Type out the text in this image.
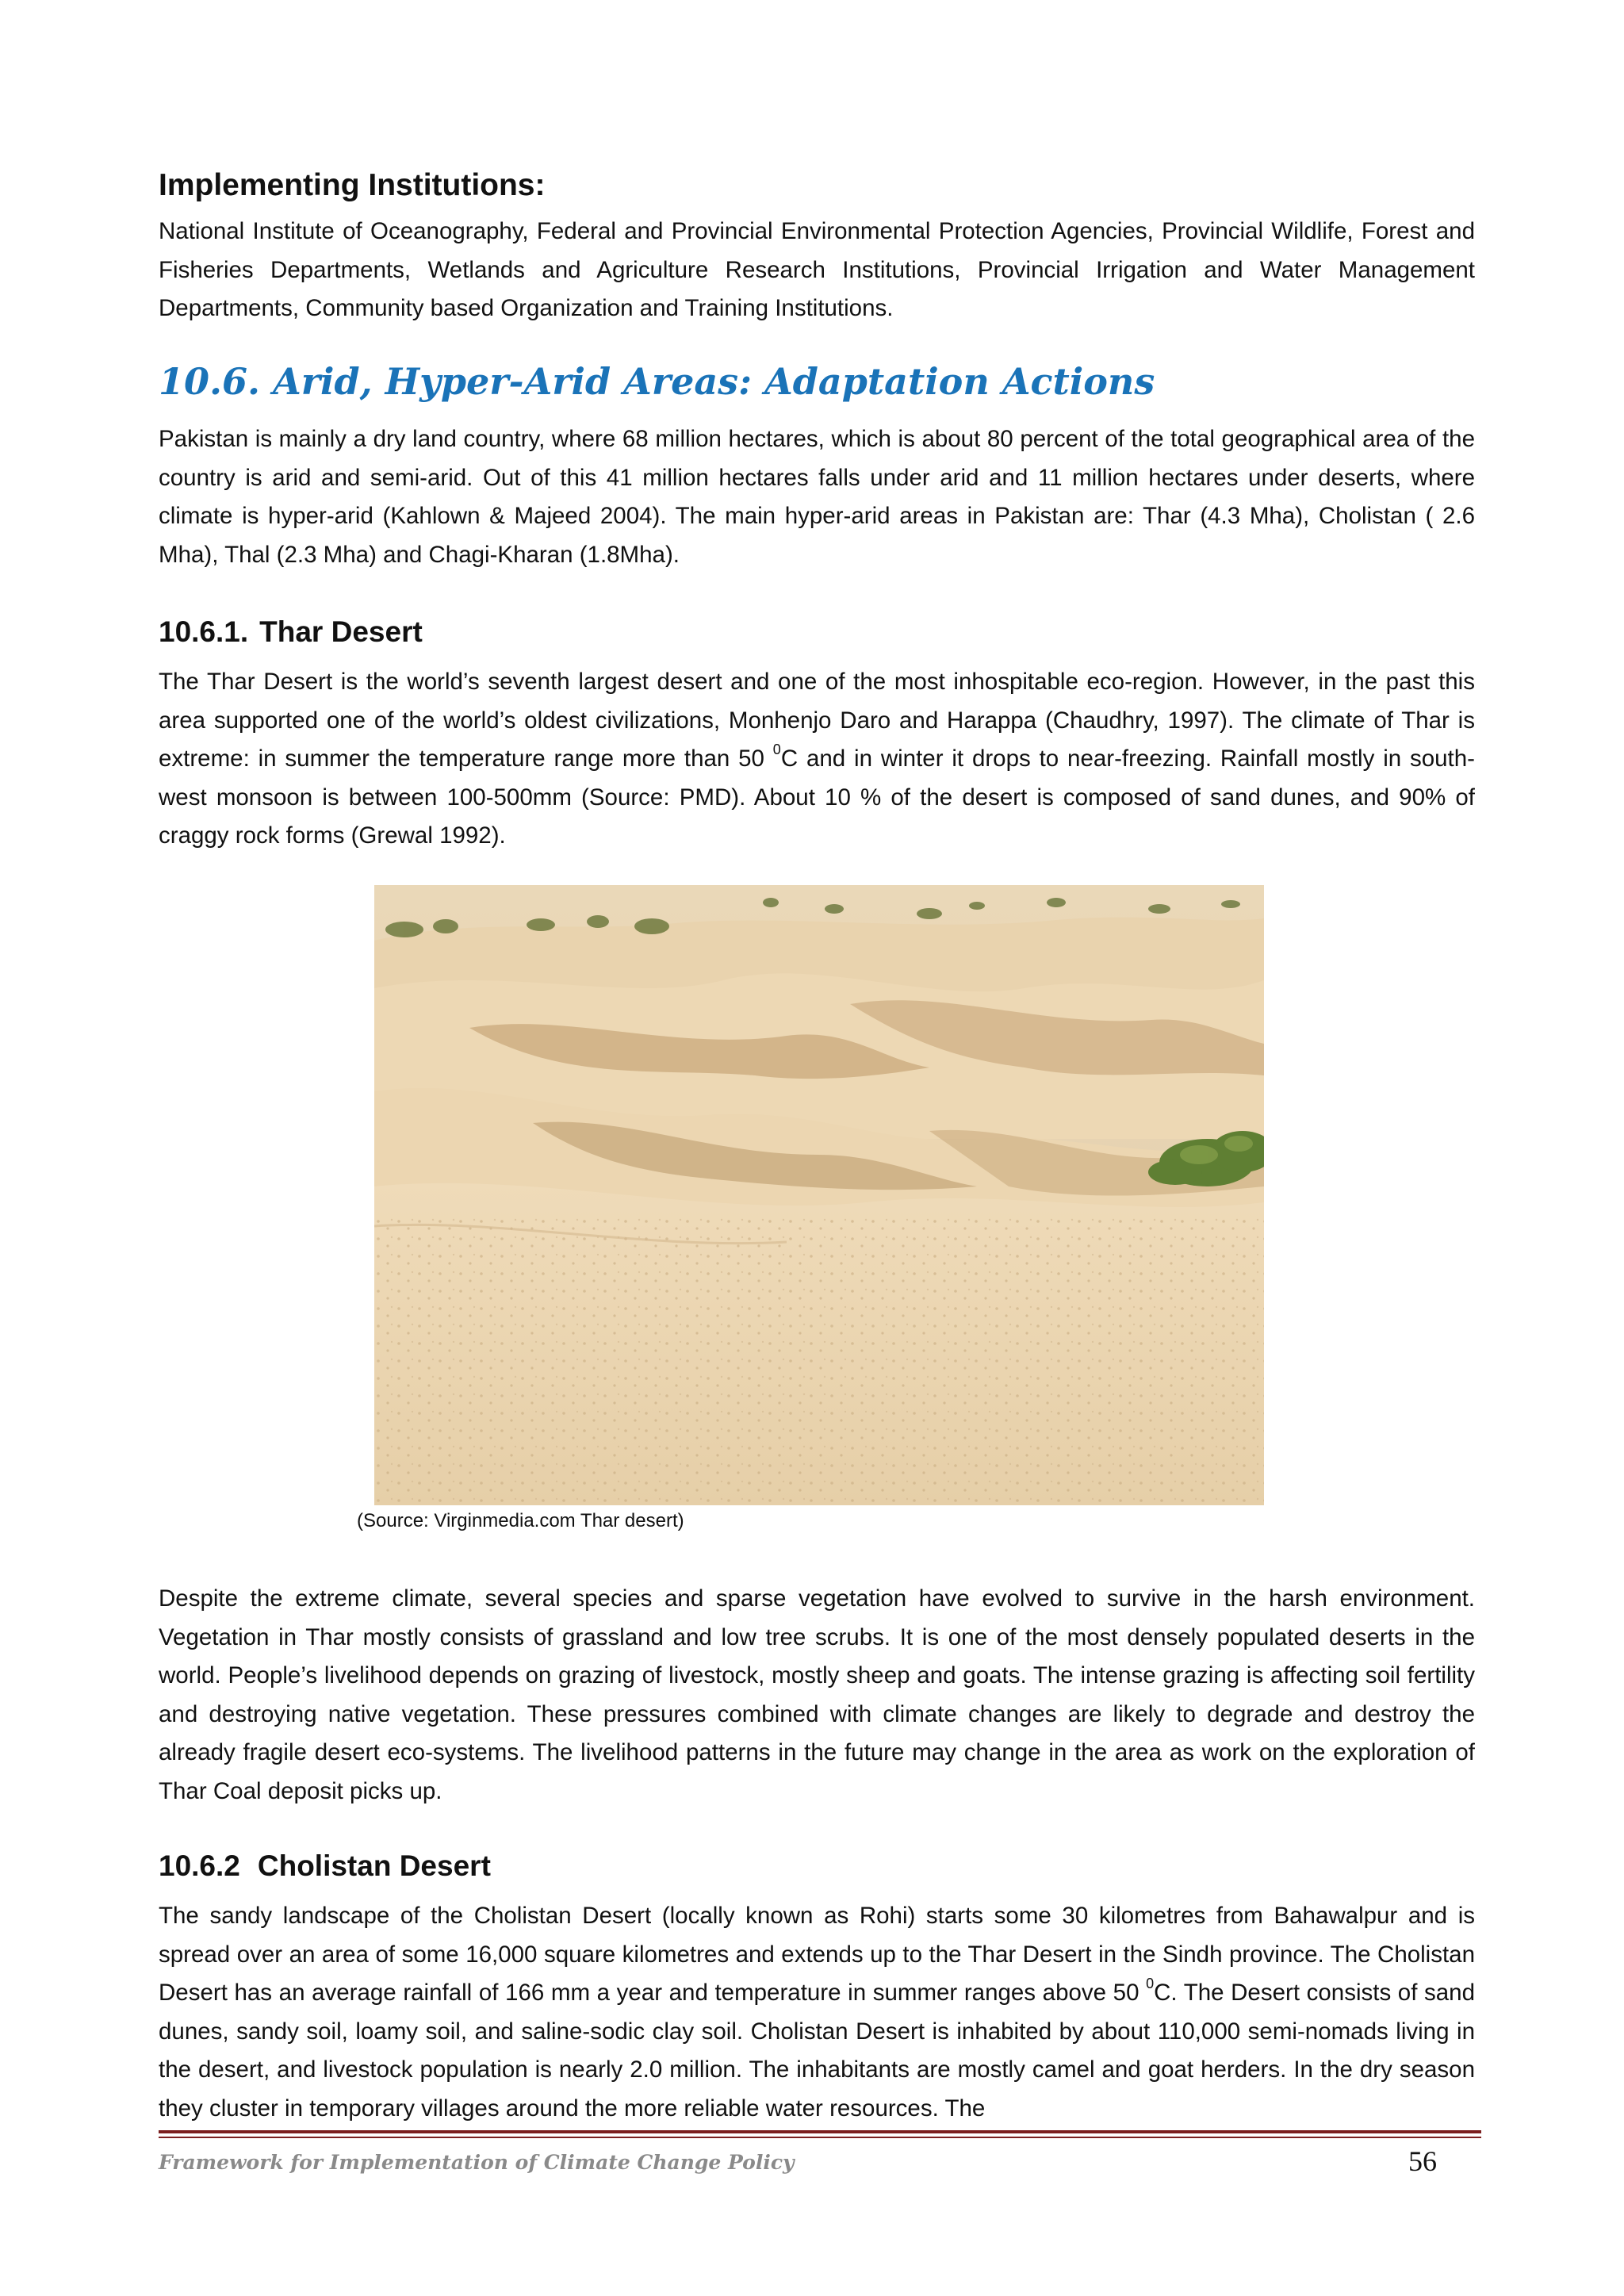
Implementing Institutions:

National Institute of Oceanography, Federal and Provincial Environmental Protection Agencies, Provincial Wildlife, Forest and Fisheries Departments, Wetlands and Agriculture Research Institutions, Provincial Irrigation and Water Management Departments, Community based Organization and Training Institutions.

10.6. Arid, Hyper-Arid Areas: Adaptation Actions

Pakistan is mainly a dry land country, where 68 million hectares, which is about 80 percent of the total geographical area of the country is arid and semi-arid. Out of this 41 million hectares falls under arid and 11 million hectares under deserts, where climate is hyper-arid (Kahlown & Majeed 2004). The main hyper-arid areas in Pakistan are: Thar (4.3 Mha), Cholistan ( 2.6 Mha), Thal (2.3 Mha) and Chagi-Kharan (1.8Mha).

10.6.1. Thar Desert

The Thar Desert is the world’s seventh largest desert and one of the most inhospitable eco-region. However, in the past this area supported one of the world’s oldest civilizations, Monhenjo Daro and Harappa (Chaudhry, 1997). The climate of Thar is extreme: in summer the temperature range more than 50 $^0$C and in winter it drops to near-freezing. Rainfall mostly in south-west monsoon is between 100-500mm (Source: PMD). About 10 % of the desert is composed of sand dunes, and 90% of craggy rock forms (Grewal 1992).

(Source: Virginmedia.com Thar desert)

Despite the extreme climate, several species and sparse vegetation have evolved to survive in the harsh environment. Vegetation in Thar mostly consists of grassland and low tree scrubs. It is one of the most densely populated deserts in the world. People’s livelihood depends on grazing of livestock, mostly sheep and goats. The intense grazing is affecting soil fertility and destroying native vegetation. These pressures combined with climate changes are likely to degrade and destroy the already fragile desert eco-systems. The livelihood patterns in the future may change in the area as work on the exploration of Thar Coal deposit picks up.

10.6.2 Cholistan Desert

The sandy landscape of the Cholistan Desert (locally known as Rohi) starts some 30 kilometres from Bahawalpur and is spread over an area of some 16,000 square kilometres and extends up to the Thar Desert in the Sindh province. The Cholistan Desert has an average rainfall of 166 mm a year and temperature in summer ranges above 50 $^0$C. The Desert consists of sand dunes, sandy soil, loamy soil, and saline-sodic clay soil. Cholistan Desert is inhabited by about 110,000 semi-nomads living in the desert, and livestock population is nearly 2.0 million. The inhabitants are mostly camel and goat herders. In the dry season they cluster in temporary villages around the more reliable water resources. The

Framework for Implementation of Climate Change Policy	56
